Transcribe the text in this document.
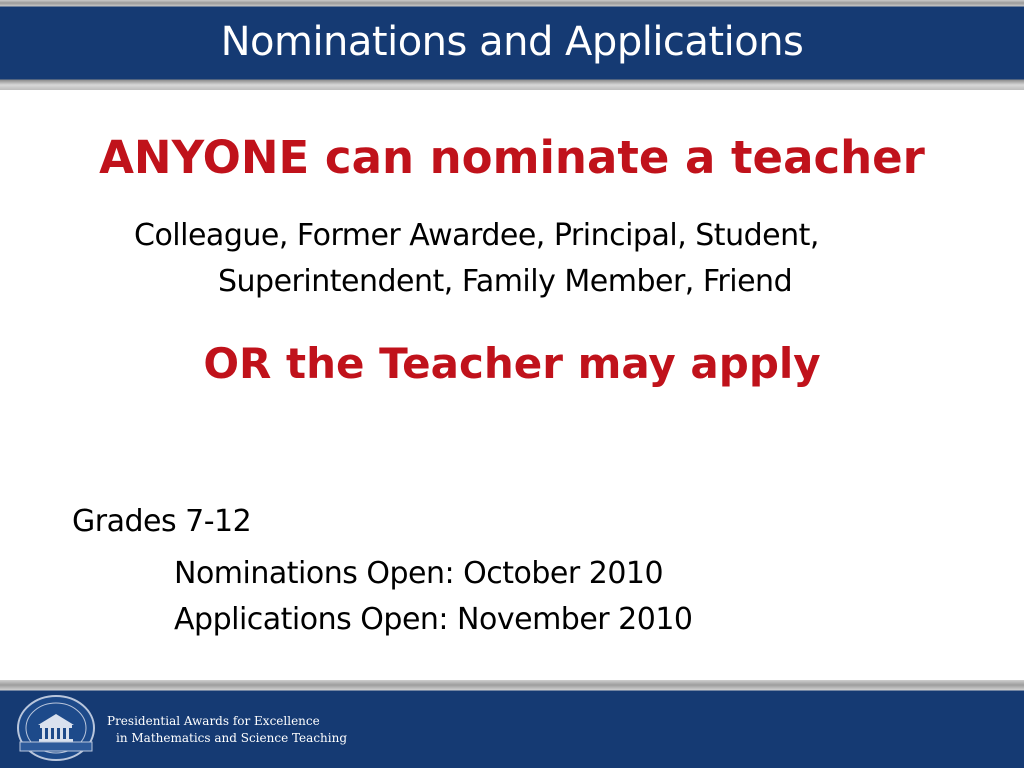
Nominations and Applications
ANYONE can nominate a teacher
Colleague, Former Awardee, Principal, Student,
Superintendent, Family Member, Friend
OR the Teacher may apply
Grades 7-12
Nominations Open: October 2010
Applications Open: November 2010
Presidential Awards for Excellence
in Mathematics and Science Teaching
